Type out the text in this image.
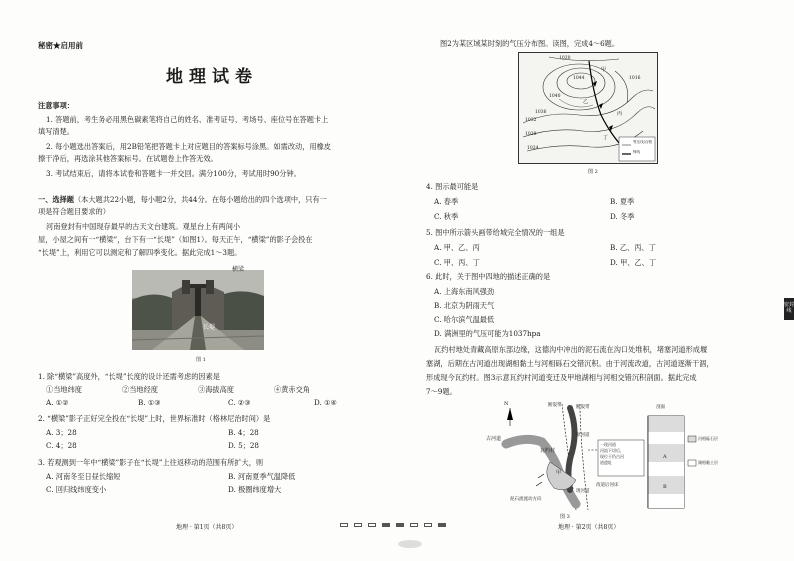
秘密★启用前
地理试卷
注意事项：
1. 答题前，考生务必用黑色碳素笔将自己的姓名、准考证号、考场号、座位号在答题卡上
填写清楚。
2. 每小题选出答案后，用2B铅笔把答题卡上对应题目的答案标号涂黑。如需改动，用橡皮
擦干净后，再选涂其他答案标号。在试题卷上作答无效。
3. 考试结束后，请将本试卷和答题卡一并交回。满分100分，考试用时90分钟。
一、选择题（本大题共22小题，每小题2分，共44分。在每小题给出的四个选项中，只有一
项是符合题目要求的）
河南登封有中国现存最早的古天文台建筑。观星台上有两间小
屋，小屋之间有一“横梁”，台下有一“长堤”（如图1）。每天正午，“横梁”的影子会投在
“长堤”上，利用它可以测定和了解四季变化。据此完成1～3题。
横梁
长堤
图 1
1. 除“横梁”高度外，“长堤”长度的设计还需考虑的因素是
①当地纬度	②当地经度	③海拔高度	④黄赤交角
A. ①②	B. ①③	C. ②③	D. ①④
2. “横梁”影子正好完全投在“长堤”上时，世界标准时（格林尼治时间）是
A. 3；28	B. 4；28
C. 4；28	D. 5；28
3. 若观测到一年中“横梁”影子在“长堤”上往返移动的范围有所扩大，则
A. 河南冬至日昼长缩短	B. 河南夏季气温降低
C. 回归线纬度变小	D. 极圈纬度增大
地理 · 第1页（共8页）
图2为某区域某时刻的气压分布图。读图，完成4～6题。
1044
1040
1036
1032
1028
1024
1020
1016
甲
乙
丙
丁
等压线/百帕
锋线
图 2
4. 图示最可能是
A. 春季	B. 夏季
C. 秋季	D. 冬季
5. 图中所示箭头画带给城完全情况的一组是
A. 甲、乙、丙	B. 乙、丙、丁
C. 甲、丙、丁	D. 甲、乙、丁
6. 此时，关于图中四地的描述正确的是
A. 上海东南风强劲
B. 北京为阴雨天气
C. 哈尔滨气温最低
D. 满洲里的气压可能为1037hpa
瓦约村地处青藏高原东部边缘，这德沟中冲出的泥石流在沟口处堆积，堵塞河道形成堰
塞湖，后期在古河道出现湖相黏土与河相砾石交错沉积。由于河流改道，古河道逐渐干涸，
形成现今瓦约村。图3示意瓦约村河道变迁及甲地湖相与河相交错沉积剖面。据此完成
7～9题。
N	断裂带	断裂带
古河道
瓦约村
原河道
剖面
河相砾石层
湖相黏土层
泥石流流动方向
甲
现河道
改道后河床
A
B
一现河道
河流下切后，
现位于仍古河
道遗址
图 3
地理 · 第2页（共8页）
密封线
